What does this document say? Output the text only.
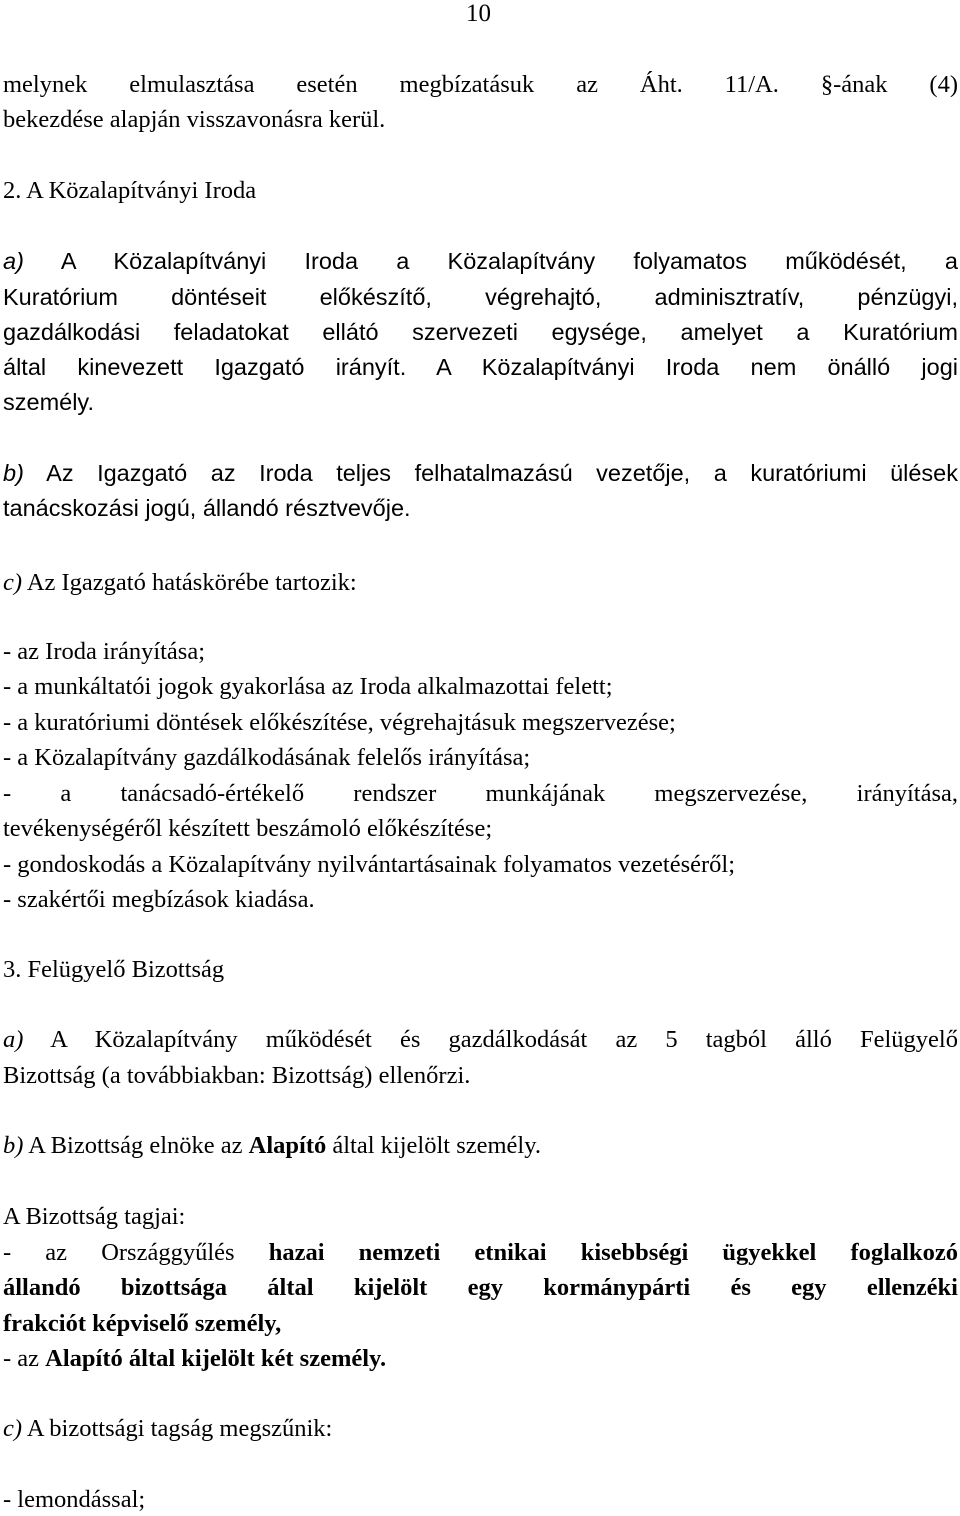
10
melynek elmulasztása esetén megbízatásuk az Áht. 11/A. §-ának (4)
bekezdése alapján visszavonásra kerül.
2. A Közalapítványi Iroda
a) A Közalapítványi Iroda a Közalapítvány folyamatos működését, a
Kuratórium döntéseit előkészítő, végrehajtó, adminisztratív, pénzügyi,
gazdálkodási feladatokat ellátó szervezeti egysége, amelyet a Kuratórium
által kinevezett Igazgató irányít. A Közalapítványi Iroda nem önálló jogi
személy.
b) Az Igazgató az Iroda teljes felhatalmazású vezetője, a kuratóriumi ülések
tanácskozási jogú, állandó résztvevője.
c) Az Igazgató hatáskörébe tartozik:
- az Iroda irányítása;
- a munkáltatói jogok gyakorlása az Iroda alkalmazottai felett;
- a kuratóriumi döntések előkészítése, végrehajtásuk megszervezése;
- a Közalapítvány gazdálkodásának felelős irányítása;
- a tanácsadó-értékelő rendszer munkájának megszervezése, irányítása,
tevékenységéről készített beszámoló előkészítése;
- gondoskodás a Közalapítvány nyilvántartásainak folyamatos vezetéséről;
- szakértői megbízások kiadása.
3. Felügyelő Bizottság
a) A Közalapítvány működését és gazdálkodását az 5 tagból álló Felügyelő
Bizottság (a továbbiakban: Bizottság) ellenőrzi.
b) A Bizottság elnöke az Alapító által kijelölt személy.
A Bizottság tagjai:
- az Országgyűlés hazai nemzeti etnikai kisebbségi ügyekkel foglalkozó
állandó bizottsága által kijelölt egy kormánypárti és egy ellenzéki
frakciót képviselő személy,
- az Alapító által kijelölt két személy.
c) A bizottsági tagság megszűnik:
- lemondással;
